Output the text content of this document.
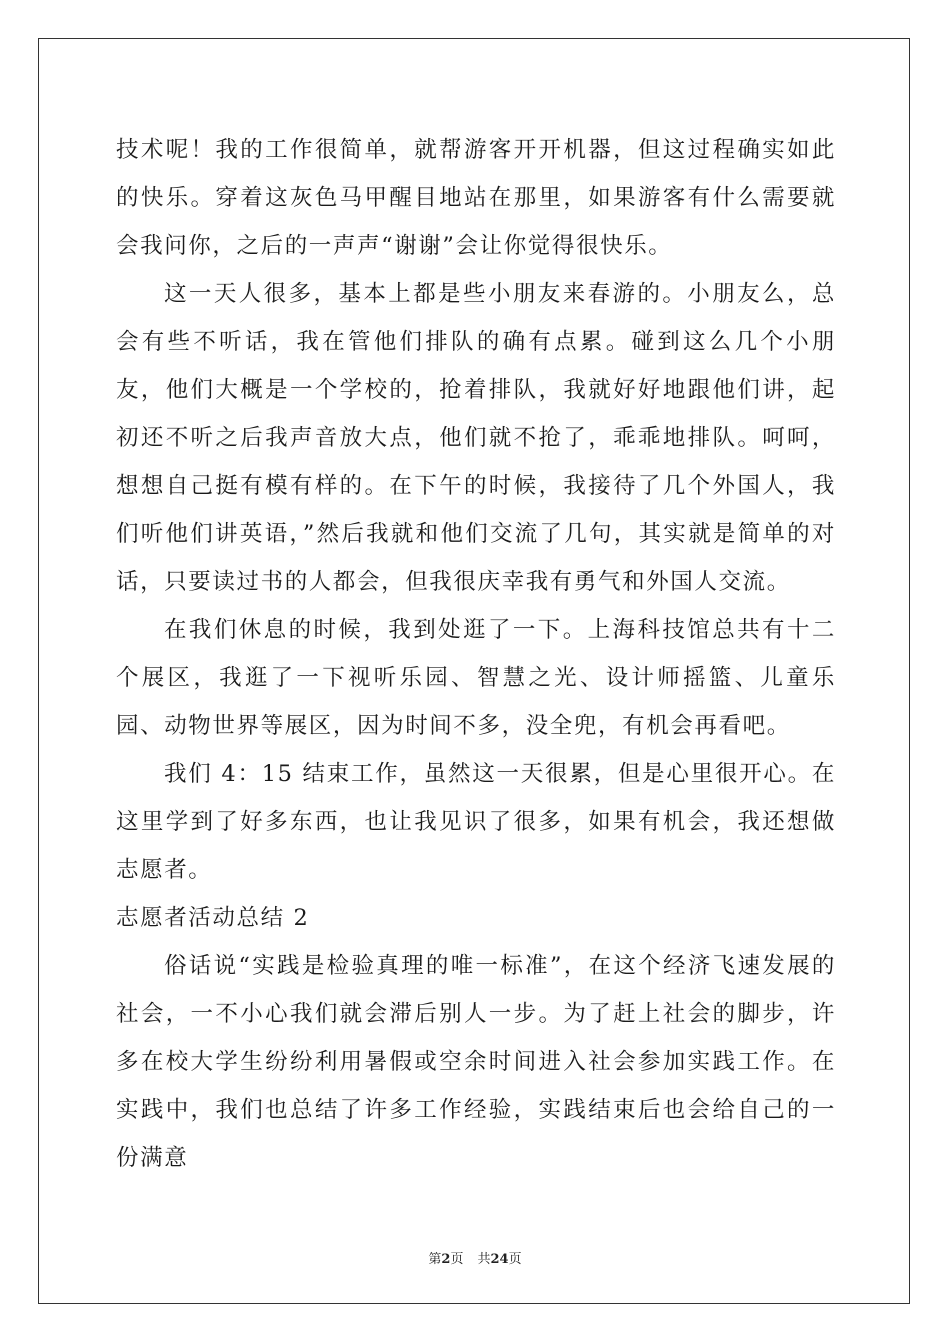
技术呢！我的工作很简单，就帮游客开开机器，但这过程确实如此的快乐。穿着这灰色马甲醒目地站在那里，如果游客有什么需要就会我问你，之后的一声声“谢谢”会让你觉得很快乐。

这一天人很多，基本上都是些小朋友来春游的。小朋友么，总会有些不听话，我在管他们排队的确有点累。碰到这么几个小朋友，他们大概是一个学校的，抢着排队，我就好好地跟他们讲，起初还不听之后我声音放大点，他们就不抢了，乖乖地排队。呵呵，想想自己挺有模有样的。在下午的时候，我接待了几个外国人，我们听他们讲英语，”然后我就和他们交流了几句，其实就是简单的对话，只要读过书的人都会，但我很庆幸我有勇气和外国人交流。

在我们休息的时候，我到处逛了一下。上海科技馆总共有十二个展区，我逛了一下视听乐园、智慧之光、设计师摇篮、儿童乐园、动物世界等展区，因为时间不多，没全兜，有机会再看吧。

我们 4：15 结束工作，虽然这一天很累，但是心里很开心。在这里学到了好多东西，也让我见识了很多，如果有机会，我还想做志愿者。

志愿者活动总结 2

俗话说“实践是检验真理的唯一标准”，在这个经济飞速发展的社会，一不小心我们就会滞后别人一步。为了赶上社会的脚步，许多在校大学生纷纷利用暑假或空余时间进入社会参加实践工作。在实践中，我们也总结了许多工作经验，实践结束后也会给自己的一份满意

第2页 共24页
